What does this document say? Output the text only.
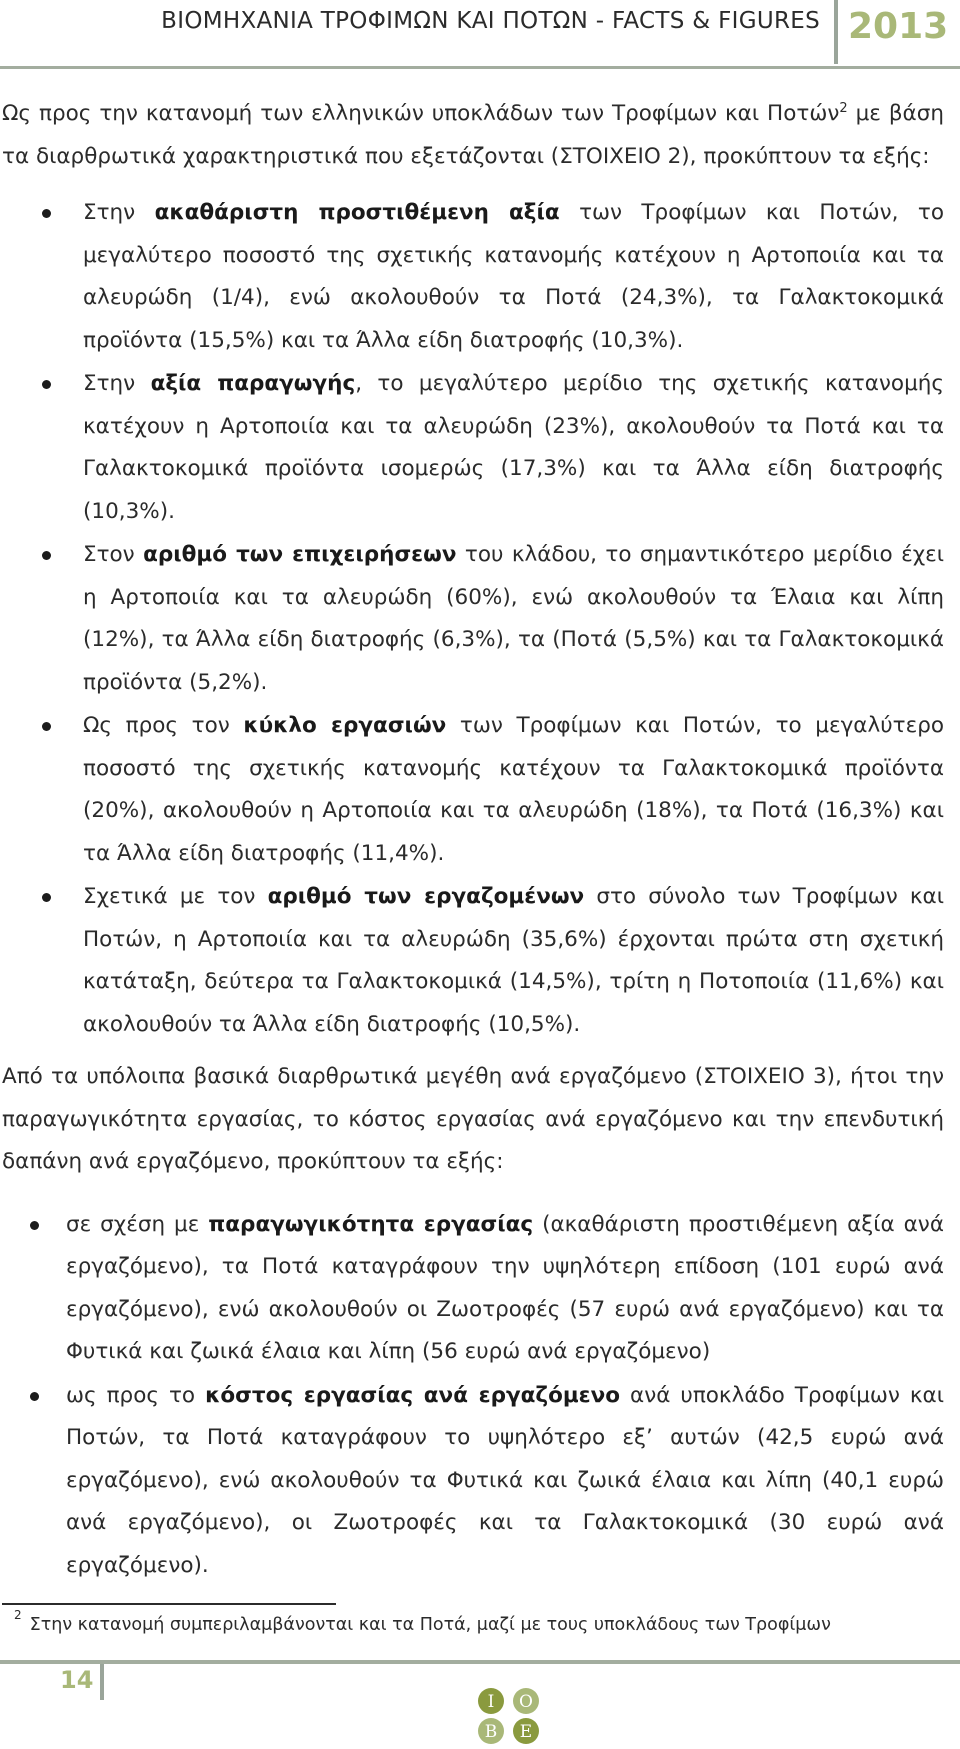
ΒΙΟΜΗΧΑΝΙΑ ΤΡΟΦΙΜΩΝ ΚΑΙ ΠΟΤΩΝ - FACTS & FIGURES 2013

Ως προς την κατανομή των ελληνικών υποκλάδων των Τροφίμων και Ποτών$^2$ με βάση τα διαρθρωτικά χαρακτηριστικά που εξετάζονται (ΣΤΟΙΧΕΙΟ 2), προκύπτουν τα εξής:

Στην ακαθάριστη προστιθέμενη αξία των Τροφίμων και Ποτών, το μεγαλύτερο ποσοστό της σχετικής κατανομής κατέχουν η Αρτοποιία και τα αλευρώδη (1/4), ενώ ακολουθούν τα Ποτά (24,3%), τα Γαλακτοκομικά προϊόντα (15,5%) και τα Άλλα είδη διατροφής (10,3%).
Στην αξία παραγωγής, το μεγαλύτερο μερίδιο της σχετικής κατανομής κατέχουν η Αρτοποιία και τα αλευρώδη (23%), ακολουθούν τα Ποτά και τα Γαλακτοκομικά προϊόντα ισομερώς (17,3%) και τα Άλλα είδη διατροφής (10,3%).
Στον αριθμό των επιχειρήσεων του κλάδου, το σημαντικότερο μερίδιο έχει η Αρτοποιία και τα αλευρώδη (60%), ενώ ακολουθούν τα Έλαια και λίπη (12%), τα Άλλα είδη διατροφής (6,3%), τα (Ποτά (5,5%) και τα Γαλακτοκομικά προϊόντα (5,2%).
Ως προς τον κύκλο εργασιών των Τροφίμων και Ποτών, το μεγαλύτερο ποσοστό της σχετικής κατανομής κατέχουν τα Γαλακτοκομικά προϊόντα (20%), ακολουθούν η Αρτοποιία και τα αλευρώδη (18%), τα Ποτά (16,3%) και τα Άλλα είδη διατροφής (11,4%).
Σχετικά με τον αριθμό των εργαζομένων στο σύνολο των Τροφίμων και Ποτών, η Αρτοποιία και τα αλευρώδη (35,6%) έρχονται πρώτα στη σχετική κατάταξη, δεύτερα τα Γαλακτοκομικά (14,5%), τρίτη η Ποτοποιία (11,6%) και ακολουθούν τα Άλλα είδη διατροφής (10,5%).

Από τα υπόλοιπα βασικά διαρθρωτικά μεγέθη ανά εργαζόμενο (ΣΤΟΙΧΕΙΟ 3), ήτοι την παραγωγικότητα εργασίας, το κόστος εργασίας ανά εργαζόμενο και την επενδυτική δαπάνη ανά εργαζόμενο, προκύπτουν τα εξής:

σε σχέση με παραγωγικότητα εργασίας (ακαθάριστη προστιθέμενη αξία ανά εργαζόμενο), τα Ποτά καταγράφουν την υψηλότερη επίδοση (101 ευρώ ανά εργαζόμενο), ενώ ακολουθούν οι Ζωοτροφές (57 ευρώ ανά εργαζόμενο) και τα Φυτικά και ζωικά έλαια και λίπη (56 ευρώ ανά εργαζόμενο)
ως προς το κόστος εργασίας ανά εργαζόμενο ανά υποκλάδο Τροφίμων και Ποτών, τα Ποτά καταγράφουν το υψηλότερο εξ’ αυτών (42,5 ευρώ ανά εργαζόμενο), ενώ ακολουθούν τα Φυτικά και ζωικά έλαια και λίπη (40,1 ευρώ ανά εργαζόμενο), οι Ζωοτροφές και τα Γαλακτοκομικά (30 ευρώ ανά εργαζόμενο).
$^2$ Στην κατανομή συμπεριλαμβάνονται και τα Ποτά, μαζί με τους υποκλάδους των Τροφίμων
14
I O
B E
